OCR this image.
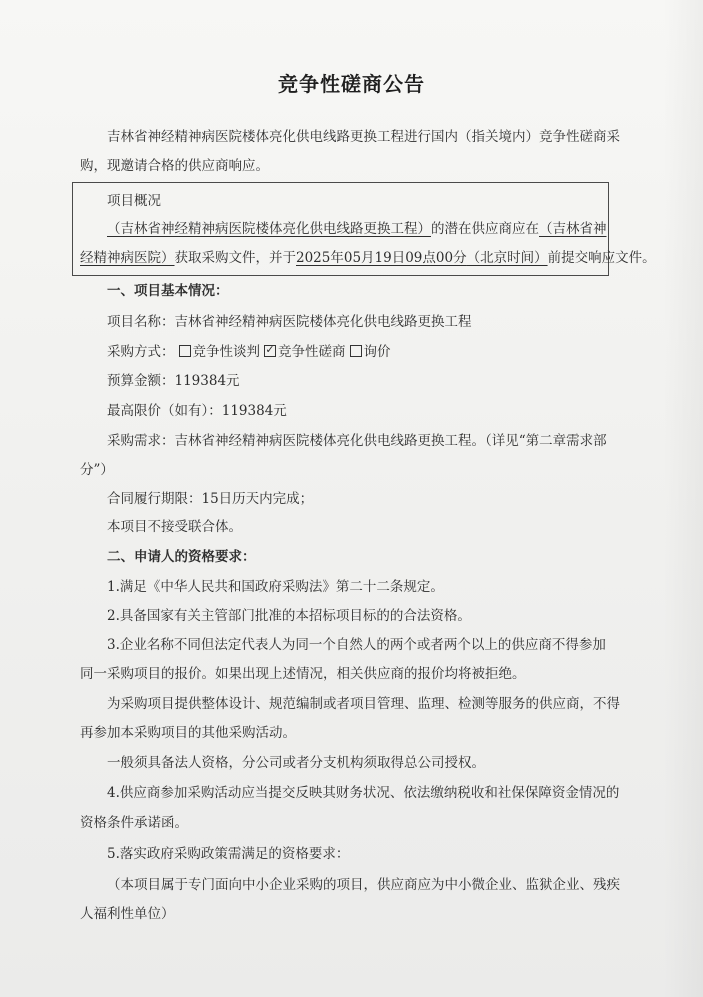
竞争性磋商公告
吉林省神经精神病医院楼体亮化供电线路更换工程进行国内（指关境内）竞争性磋商采
购，现邀请合格的供应商响应。
项目概况
（吉林省神经精神病医院楼体亮化供电线路更换工程）的潜在供应商应在（吉林省神
经精神病医院）获取采购文件，并于2025年05月19日09点00分（北京时间）前提交响应文件。
一、项目基本情况：
项目名称：吉林省神经精神病医院楼体亮化供电线路更换工程
采购方式： 竞争性谈判✓ 竞争性磋商 询价
预算金额：119384元
最高限价（如有）：119384元
采购需求：吉林省神经精神病医院楼体亮化供电线路更换工程。（详见“第二章需求部
分”）
合同履行期限：15日历天内完成；
本项目不接受联合体。
二、申请人的资格要求：
1.满足《中华人民共和国政府采购法》第二十二条规定。
2.具备国家有关主管部门批准的本招标项目标的的合法资格。
3.企业名称不同但法定代表人为同一个自然人的两个或者两个以上的供应商不得参加
同一采购项目的报价。如果出现上述情况，相关供应商的报价均将被拒绝。
为采购项目提供整体设计、规范编制或者项目管理、监理、检测等服务的供应商，不得
再参加本采购项目的其他采购活动。
一般须具备法人资格，分公司或者分支机构须取得总公司授权。
4.供应商参加采购活动应当提交反映其财务状况、依法缴纳税收和社保保障资金情况的
资格条件承诺函。
5.落实政府采购政策需满足的资格要求：
（本项目属于专门面向中小企业采购的项目，供应商应为中小微企业、监狱企业、残疾
人福利性单位）
